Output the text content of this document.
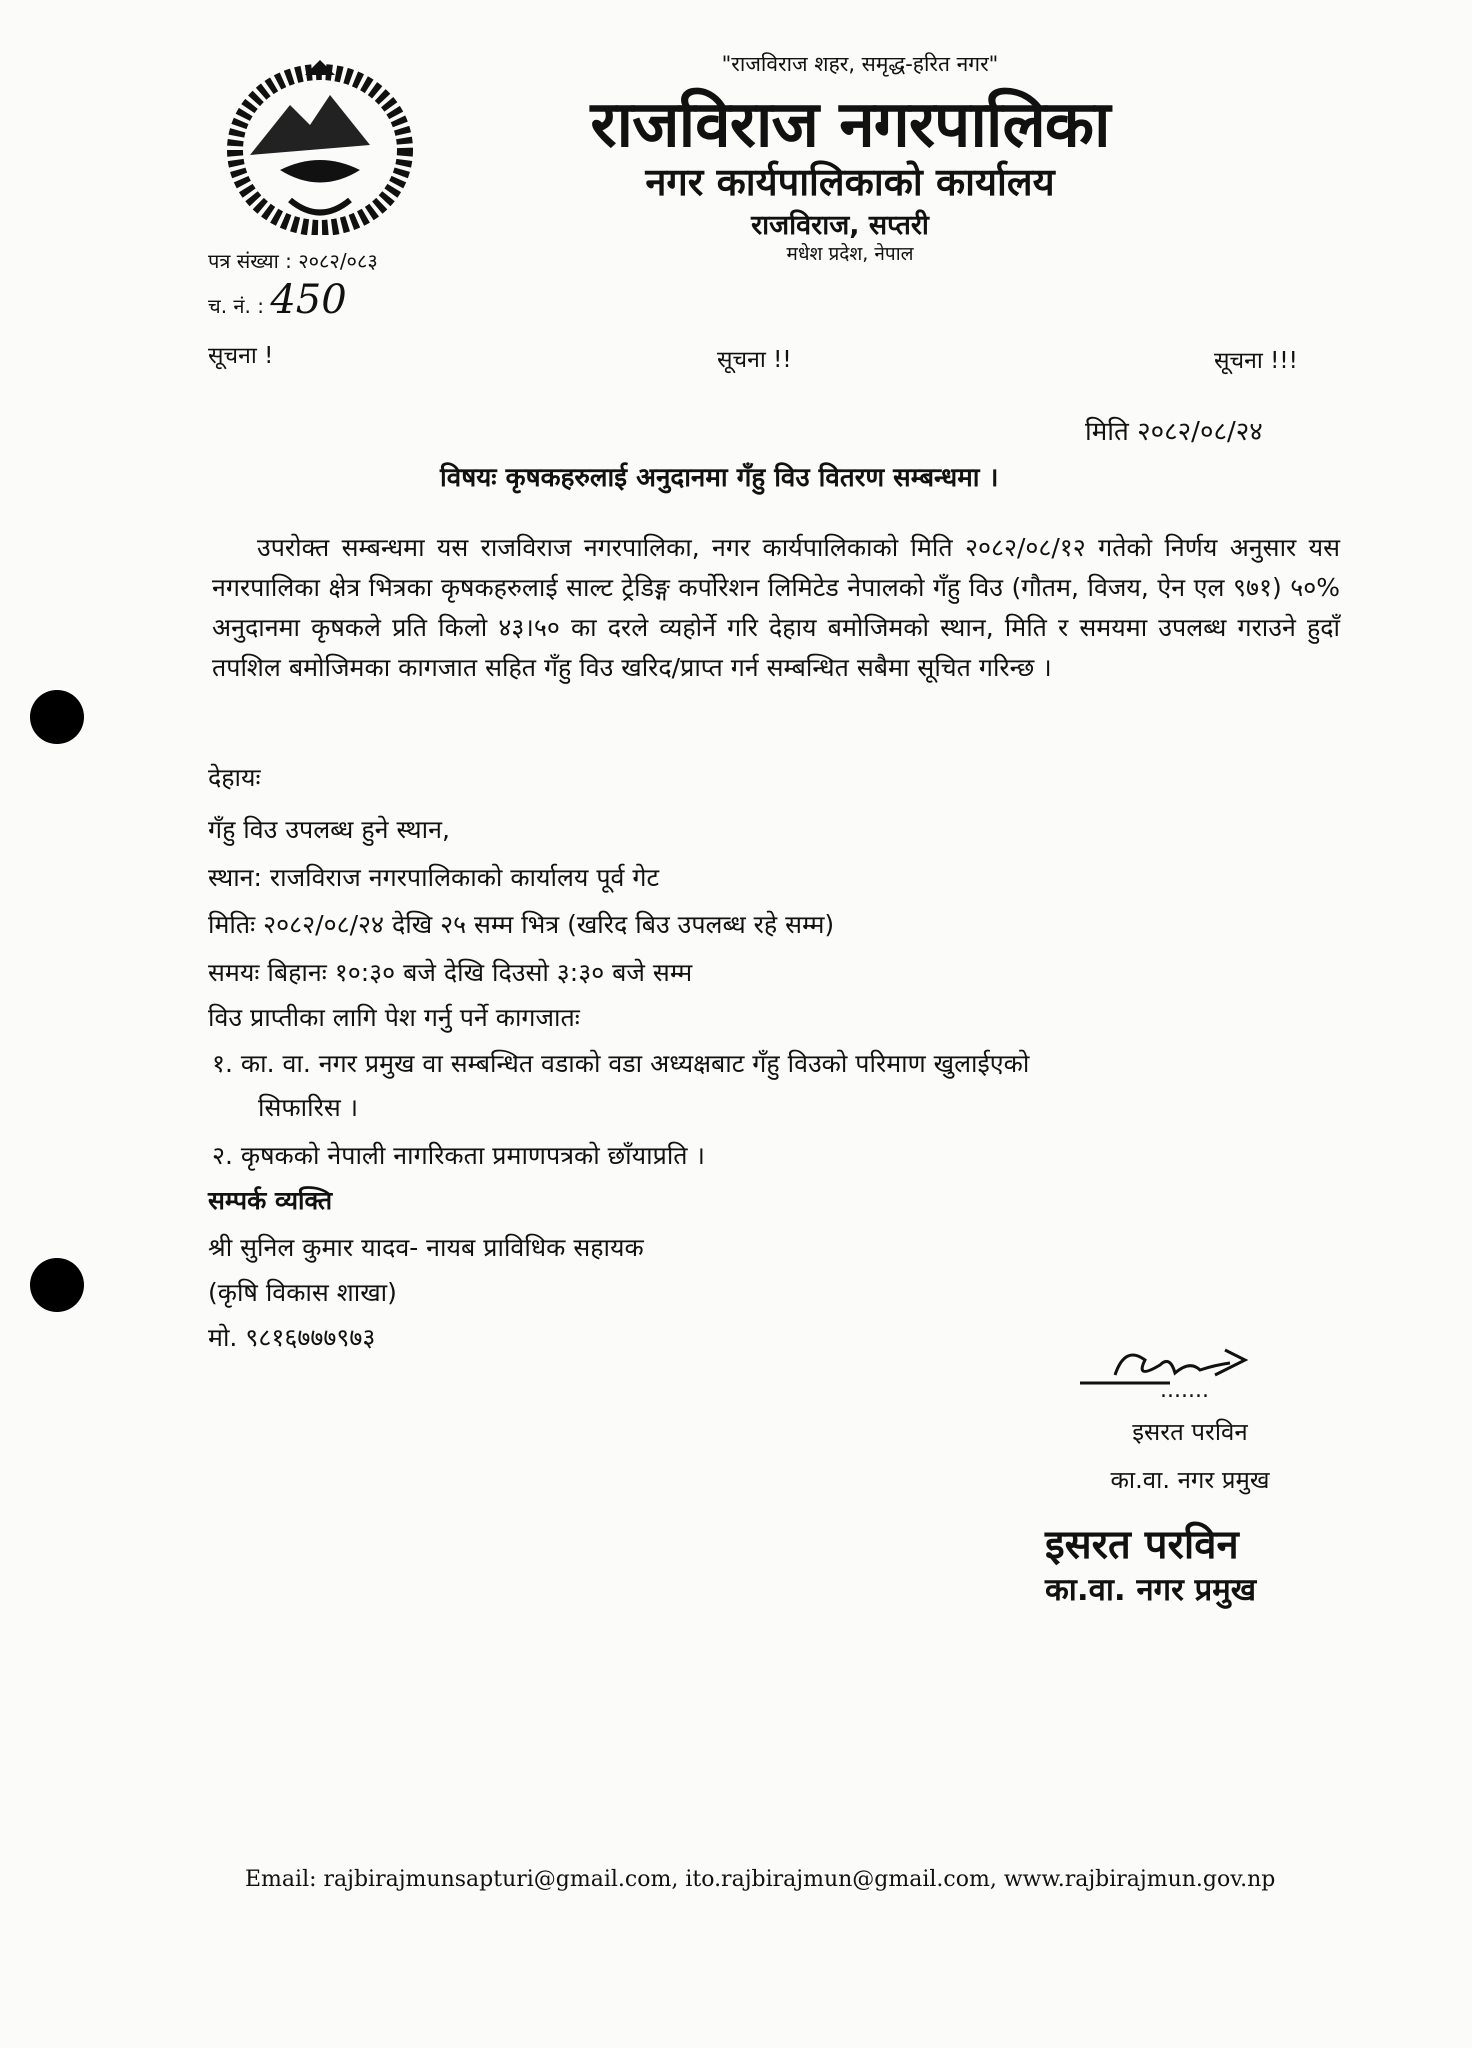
"राजविराज शहर, समृद्ध-हरित नगर"
राजविराज नगरपालिका
नगर कार्यपालिकाको कार्यालय
राजविराज, सप्तरी
मधेश प्रदेश, नेपाल
पत्र संख्या : २०८२/०८३
च. नं. : 450
सूचना !	सूचना !!	सूचना !!!
मिति २०८२/०८/२४
विषयः कृषकहरुलाई अनुदानमा गँहु विउ वितरण सम्बन्धमा ।
उपरोक्त सम्बन्धमा यस राजविराज नगरपालिका, नगर कार्यपालिकाको मिति २०८२/०८/१२ गतेको निर्णय अनुसार यस नगरपालिका क्षेत्र भित्रका कृषकहरुलाई साल्ट ट्रेडिङ्ग कर्पोरेशन लिमिटेड नेपालको गँहु विउ (गौतम, विजय, ऐन एल ९७१) ५०% अनुदानमा कृषकले प्रति किलो ४३।५० का दरले व्यहोर्ने गरि देहाय बमोजिमको स्थान, मिति र समयमा उपलब्ध गराउने हुदाँ तपशिल बमोजिमका कागजात सहित गँहु विउ खरिद/प्राप्त गर्न सम्बन्धित सबैमा सूचित गरिन्छ ।
देहायः
गँहु विउ उपलब्ध हुने स्थान,
स्थान: राजविराज नगरपालिकाको कार्यालय पूर्व गेट
मितिः २०८२/०८/२४ देखि २५ सम्म भित्र (खरिद बिउ उपलब्ध रहे सम्म)
समयः बिहानः १०:३० बजे देखि दिउसो ३:३० बजे सम्म
विउ प्राप्तीका लागि पेश गर्नु पर्ने कागजातः
१. का. वा. नगर प्रमुख वा सम्बन्धित वडाको वडा अध्यक्षबाट गँहु विउको परिमाण खुलाईएको
सिफारिस ।
२. कृषकको नेपाली नागरिकता प्रमाणपत्रको छाँयाप्रति ।
सम्पर्क व्यक्ति
श्री सुनिल कुमार यादव- नायब प्राविधिक सहायक
(कृषि विकास शाखा)
मो. ९८१६७७७९७३
.......
इसरत परविन
का.वा. नगर प्रमुख
इसरत परविन
का.वा. नगर प्रमुख
Email: rajbirajmunsapturi@gmail.com, ito.rajbirajmun@gmail.com, www.rajbirajmun.gov.np
